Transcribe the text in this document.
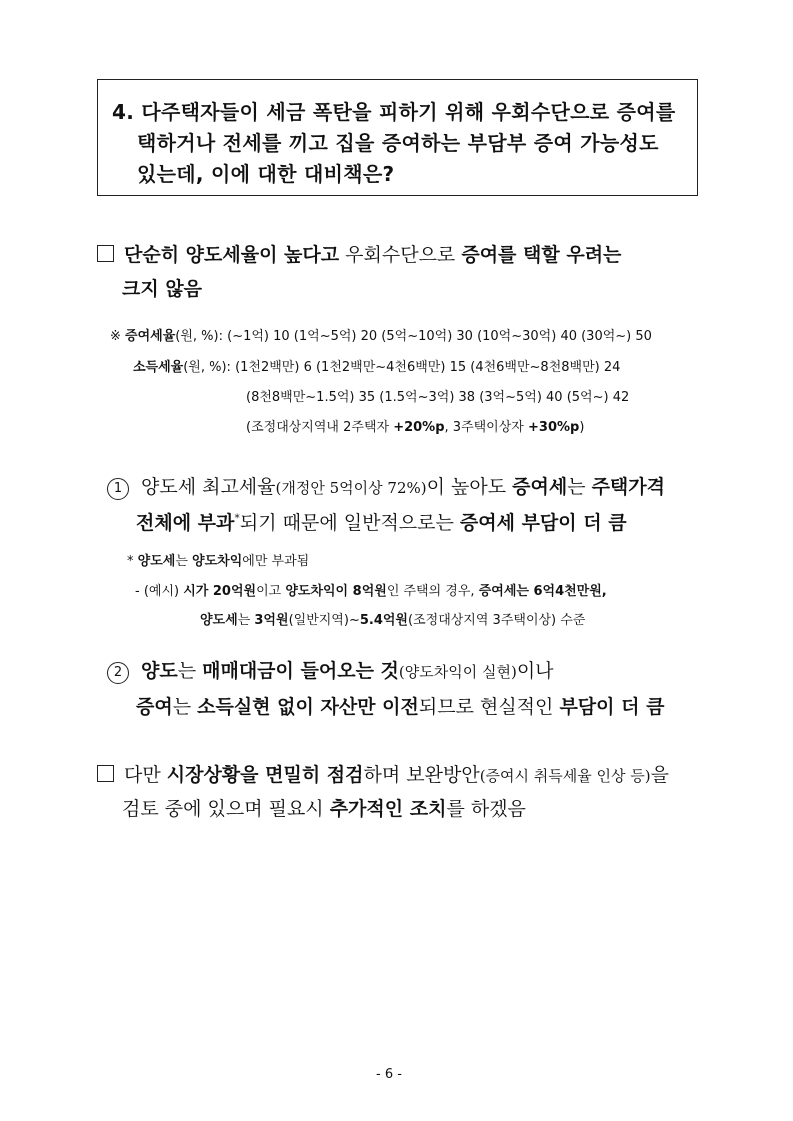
4. 다주택자들이 세금 폭탄을 피하기 위해 우회수단으로 증여를
택하거나 전세를 끼고 집을 증여하는 부담부 증여 가능성도
있는데, 이에 대한 대비책은?
단순히 양도세율이 높다고 우회수단으로 증여를 택할 우려는
크지 않음
※ 증여세율(원, %): (~1억) 10 (1억~5억) 20 (5억~10억) 30 (10억~30억) 40 (30억~) 50
소득세율(원, %): (1천2백만) 6 (1천2백만~4천6백만) 15 (4천6백만~8천8백만) 24
(8천8백만~1.5억) 35 (1.5억~3억) 38 (3억~5억) 40 (5억~) 42
(조정대상지역내 2주택자 +20%p, 3주택이상자 +30%p)
1 양도세 최고세율(개정안 5억이상 72%)이 높아도 증여세는 주택가격
전체에 부과*되기 때문에 일반적으로는 증여세 부담이 더 큼
* 양도세는 양도차익에만 부과됨
- (예시) 시가 20억원이고 양도차익이 8억원인 주택의 경우, 증여세는 6억4천만원,
양도세는 3억원(일반지역)~5.4억원(조정대상지역 3주택이상) 수준
2 양도는 매매대금이 들어오는 것(양도차익이 실현)이나
증여는 소득실현 없이 자산만 이전되므로 현실적인 부담이 더 큼
다만 시장상황을 면밀히 점검하며 보완방안(증여시 취득세율 인상 등)을
검토 중에 있으며 필요시 추가적인 조치를 하겠음
- 6 -
